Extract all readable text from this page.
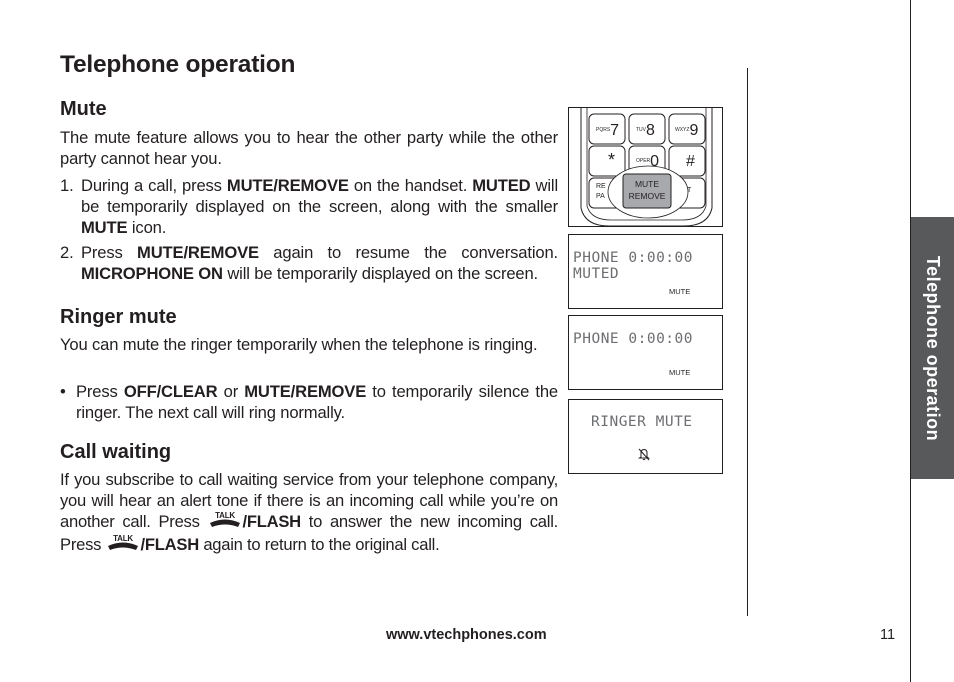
Telephone operation
Mute
The mute feature allows you to hear the other party while the other party cannot hear you.
1. During a call, press MUTE/REMOVE on the handset. MUTED will be temporarily displayed on the screen, along with the smaller MUTE icon.
2. Press MUTE/REMOVE again to resume the conversation. MICROPHONE ON will be temporarily displayed on the screen.
Ringer mute
You can mute the ringer temporarily when the telephone is ringing.
• Press OFF/CLEAR or MUTE/REMOVE to temporarily silence the ringer. The next call will ring normally.
Call waiting
If you subscribe to call waiting service from your telephone company, you will hear an alert tone if there is an incoming call while you’re on another call. Press TALK /FLASH to answer the new incoming call. Press TALK /FLASH again to return to the original call.
$^{PQRS}$7	$^{TUV}$8	$^{WXYZ}$9
*	$^{OPER}$0 #
RE
PA
T
MUTE
REMOVE
PHONE 0:00:00
MUTED
MUTE
PHONE 0:00:00
MUTE
RINGER MUTE	Telephone operation
www.vtechphones.com	11
